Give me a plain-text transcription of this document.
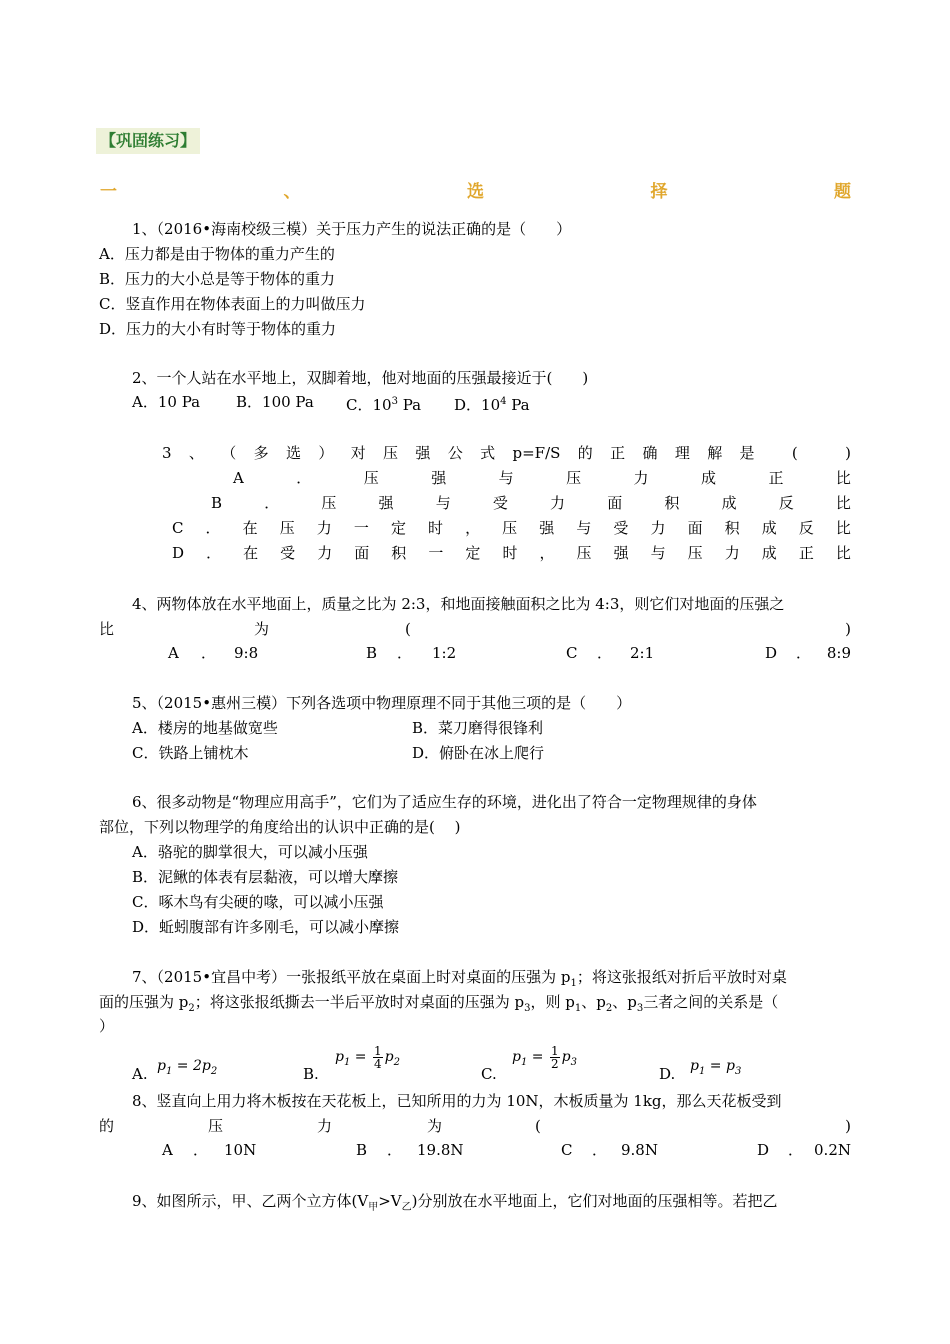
【巩固练习】
一	、	选	择	题
1、（2016•海南校级三模）关于压力产生的说法正确的是（　　）
A．压力都是由于物体的重力产生的
B．压力的大小总是等于物体的重力
C．竖直作用在物体表面上的力叫做压力
D．压力的大小有时等于物体的重力
2、一个人站在水平地上，双脚着地，他对地面的压强最接近于(　　)
A．10 Pa B．100 Pa C．$10^3$ Pa D．$10^4$ Pa
3 、 （ 多 选 ） 对 压 强 公 式 p=F/S 的 正 确 理 解 是 (	)
A	．	压	强	与	压	力	成	正	比
B	．	压	强	与	受	力	面	积	成	反	比
C ． 在 压 力 一 定 时 ， 压 强 与 受 力 面 积 成 反 比
D ． 在 受 力 面 积 一 定 时 ， 压 强 与 压 力 成 正 比
4、两物体放在水平地面上，质量之比为 2:3，和地面接触面积之比为 4:3，则它们对地面的压强之
比	为	(	)
A ． 9:8	B ． 1:2	C ． 2:1	D ． 8:9
5、（2015•惠州三模）下列各选项中物理原理不同于其他三项的是（　　）
A．楼房的地基做宽些	B．菜刀磨得很锋利
C．铁路上铺枕木	D．俯卧在冰上爬行
6、很多动物是“物理应用高手”，它们为了适应生存的环境，进化出了符合一定物理规律的身体
部位，下列以物理学的角度给出的认识中正确的是(　 )
A．骆驼的脚掌很大，可以减小压强
B．泥鳅的体表有层黏液，可以增大摩擦
C．啄木鸟有尖硬的喙，可以减小压强
D．蚯蚓腹部有许多刚毛，可以减小摩擦
7、（2015•宜昌中考）一张报纸平放在桌面上时对桌面的压强为 $p_1$；将这张报纸对折后平放时对桌
面的压强为 $p_2$；将这张报纸撕去一半后平放时对桌面的压强为 $p_3$，则 $p_1$、$p_2$、$p_3$三者之间的关系是（
）
A. $p_1 = 2p_2$	B.
$p_1 = \frac{1}{4} p_2$
C.
$p_1 = \frac{1}{2} p_3$
D. $p_1 = p_3$
8、竖直向上用力将木板按在天花板上，已知所用的力为 10N，木板质量为 1kg，那么天花板受到
的	压	力	为	(	)
A ． 10N	B ． 19.8N	C ． 9.8N	D ． 0.2N
9、如图所示，甲、乙两个立方体$(V_甲>V_乙)$分别放在水平地面上，它们对地面的压强相等。若把乙
